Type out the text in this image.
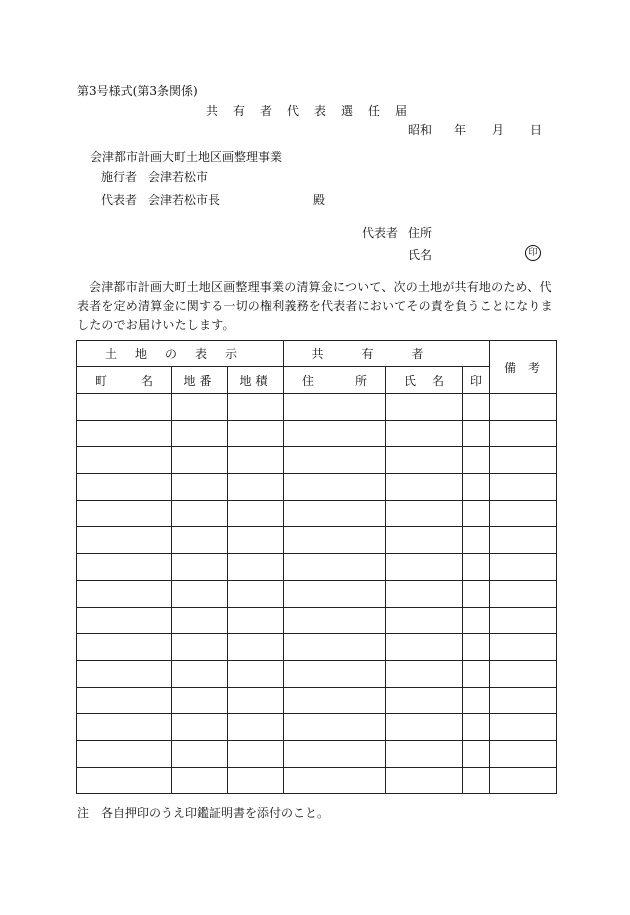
第3号様式(第3条関係)
共有者代表選任届
昭和 年 月 日
会津都市計画大町土地区画整理事業
施行者 会津若松市
代表者 会津若松市長	殿
代表者 住所
氏名	印
会津都市計画大町土地区画整理事業の清算金について、次の土地が共有地のため、代表者を定め清算金に関する一切の権利義務を代表者においてその責を負うことになりましたのでお届けいたします。
土地の表示			共有者			備考

町 名	地番	地積	住 所	氏 名	印	

注　各自押印のうえ印鑑証明書を添付のこと。
